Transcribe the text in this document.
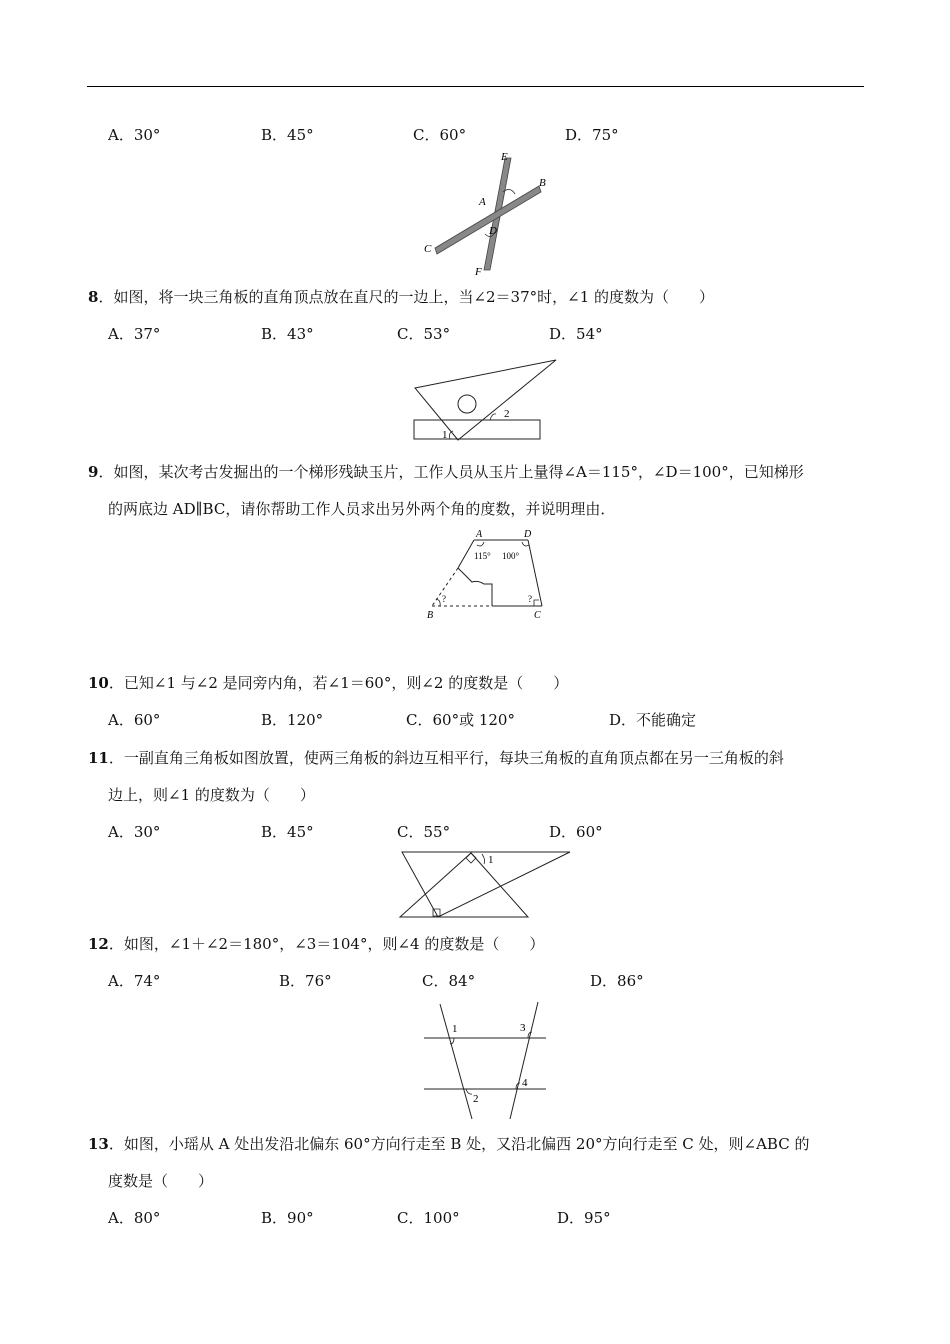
A．30°	B．45°	C．60°	D．75°
E
B
A
D
C
F
8．如图，将一块三角板的直角顶点放在直尺的一边上，当∠2＝37°时，∠1 的度数为（　　）
A．37°	B．43°	C．53°	D．54°
1
2
9．如图，某次考古发掘出的一个梯形残缺玉片，工作人员从玉片上量得∠A＝115°，∠D＝100°，已知梯形
的两底边 AD∥BC，请你帮助工作人员求出另外两个角的度数，并说明理由．
A	D
B	C
115° 100°
?	?
10．已知∠1 与∠2 是同旁内角，若∠1＝60°，则∠2 的度数是（　　）
A．60°	B．120°	C．60°或 120°	D．不能确定
11．一副直角三角板如图放置，使两三角板的斜边互相平行，每块三角板的直角顶点都在另一三角板的斜
边上，则∠1 的度数为（　　）
A．30°	B．45°	C．55°	D．60°
1
12．如图，∠1＋∠2＝180°，∠3＝104°，则∠4 的度数是（　　）
A．74°	B．76°	C．84°	D．86°
1	3
2
4
13．如图，小瑶从 A 处出发沿北偏东 60°方向行走至 B 处，又沿北偏西 20°方向行走至 C 处，则∠ABC 的
度数是（　　）
A．80°	B．90°	C．100°	D．95°
